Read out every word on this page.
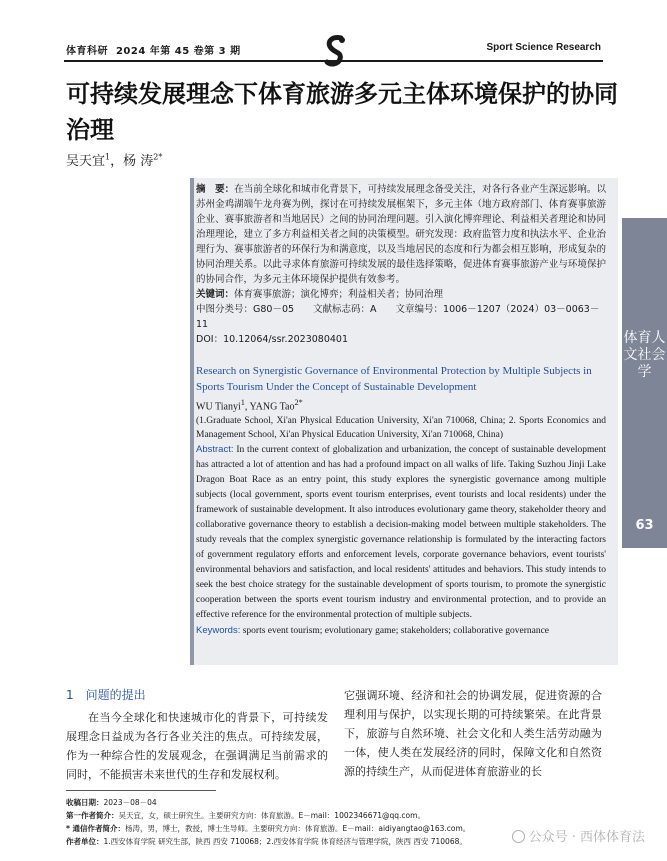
体育科研 2024 年第 45 卷第 3 期	Sport Science Research
可持续发展理念下体育旅游多元主体环境保护的协同治理
吴天宜$^1$，杨 涛$^{2*}$

摘　要：在当前全球化和城市化背景下，可持续发展理念备受关注，对各行各业产生深远影响。以苏州金鸡湖端午龙舟赛为例，探讨在可持续发展框架下，多元主体（地方政府部门、体育赛事旅游企业、赛事旅游者和当地居民）之间的协同治理问题。引入演化博弈理论、利益相关者理论和协同治理理论，建立了多方利益相关者之间的决策模型。研究发现：政府监管力度和执法水平、企业治理行为、赛事旅游者的环保行为和满意度，以及当地居民的态度和行为都会相互影响，形成复杂的协同治理关系。以此寻求体育旅游可持续发展的最佳选择策略，促进体育赛事旅游产业与环境保护的协同合作，为多元主体环境保护提供有效参考。

关键词：体育赛事旅游；演化博弈；利益相关者；协同治理

中图分类号：G80－05　　文献标志码：A　　文章编号：1006－1207（2024）03－0063－11

DOI：10.12064/ssr.2023080401

Research on Synergistic Governance of Environmental Protection by Multiple Subjects in Sports Tourism Under the Concept of Sustainable Development

WU Tianyi$^1$, YANG Tao$^{2*}$

(1.Graduate School, Xi'an Physical Education University, Xi'an 710068, China; 2. Sports Economics and Management School, Xi'an Physical Education University, Xi'an 710068, China)

Abstract: In the current context of globalization and urbanization, the concept of sustainable development has attracted a lot of attention and has had a profound impact on all walks of life. Taking Suzhou Jinji Lake Dragon Boat Race as an entry point, this study explores the synergistic governance among multiple subjects (local government, sports event tourism enterprises, event tourists and local residents) under the framework of sustainable development. It also introduces evolutionary game theory, stakeholder theory and collaborative governance theory to establish a decision-making model between multiple stakeholders. The study reveals that the complex synergistic governance relationship is formulated by the interacting factors of government regulatory efforts and enforcement levels, corporate governance behaviors, event tourists' environmental behaviors and satisfaction, and local residents' attitudes and behaviors. This study intends to seek the best choice strategy for the sustainable development of sports tourism, to promote the synergistic cooperation between the sports event tourism industry and environmental protection, and to provide an effective reference for the environmental protection of multiple subjects.

Keywords: sports event tourism; evolutionary game; stakeholders; collaborative governance

体育人文社会学
63
1 问题的提出

在当今全球化和快速城市化的背景下，可持续发展理念日益成为各行各业关注的焦点。可持续发展，作为一种综合性的发展观念，在强调满足当前需求的同时，不能损害未来世代的生存和发展权利。

它强调环境、经济和社会的协调发展，促进资源的合理利用与保护，以实现长期的可持续繁荣。在此背景下，旅游与自然环境、社会文化和人类生活劳动融为一体，使人类在发展经济的同时，保障文化和自然资源的持续生产，从而促进体育旅游业的长

收稿日期：2023－08－04
第一作者简介：吴天宜，女，硕士研究生。主要研究方向：体育旅游。E－mail：1002346671@qq.com。
* 通信作者简介：杨涛，男，博士，教授，博士生导师。主要研究方向：体育旅游。E－mail：aidiyangtao@163.com。
作者单位：1.西安体育学院 研究生部，陕西 西安 710068；2.西安体育学院 体育经济与管理学院，陕西 西安 710068。	公众号 · 西体体育法
